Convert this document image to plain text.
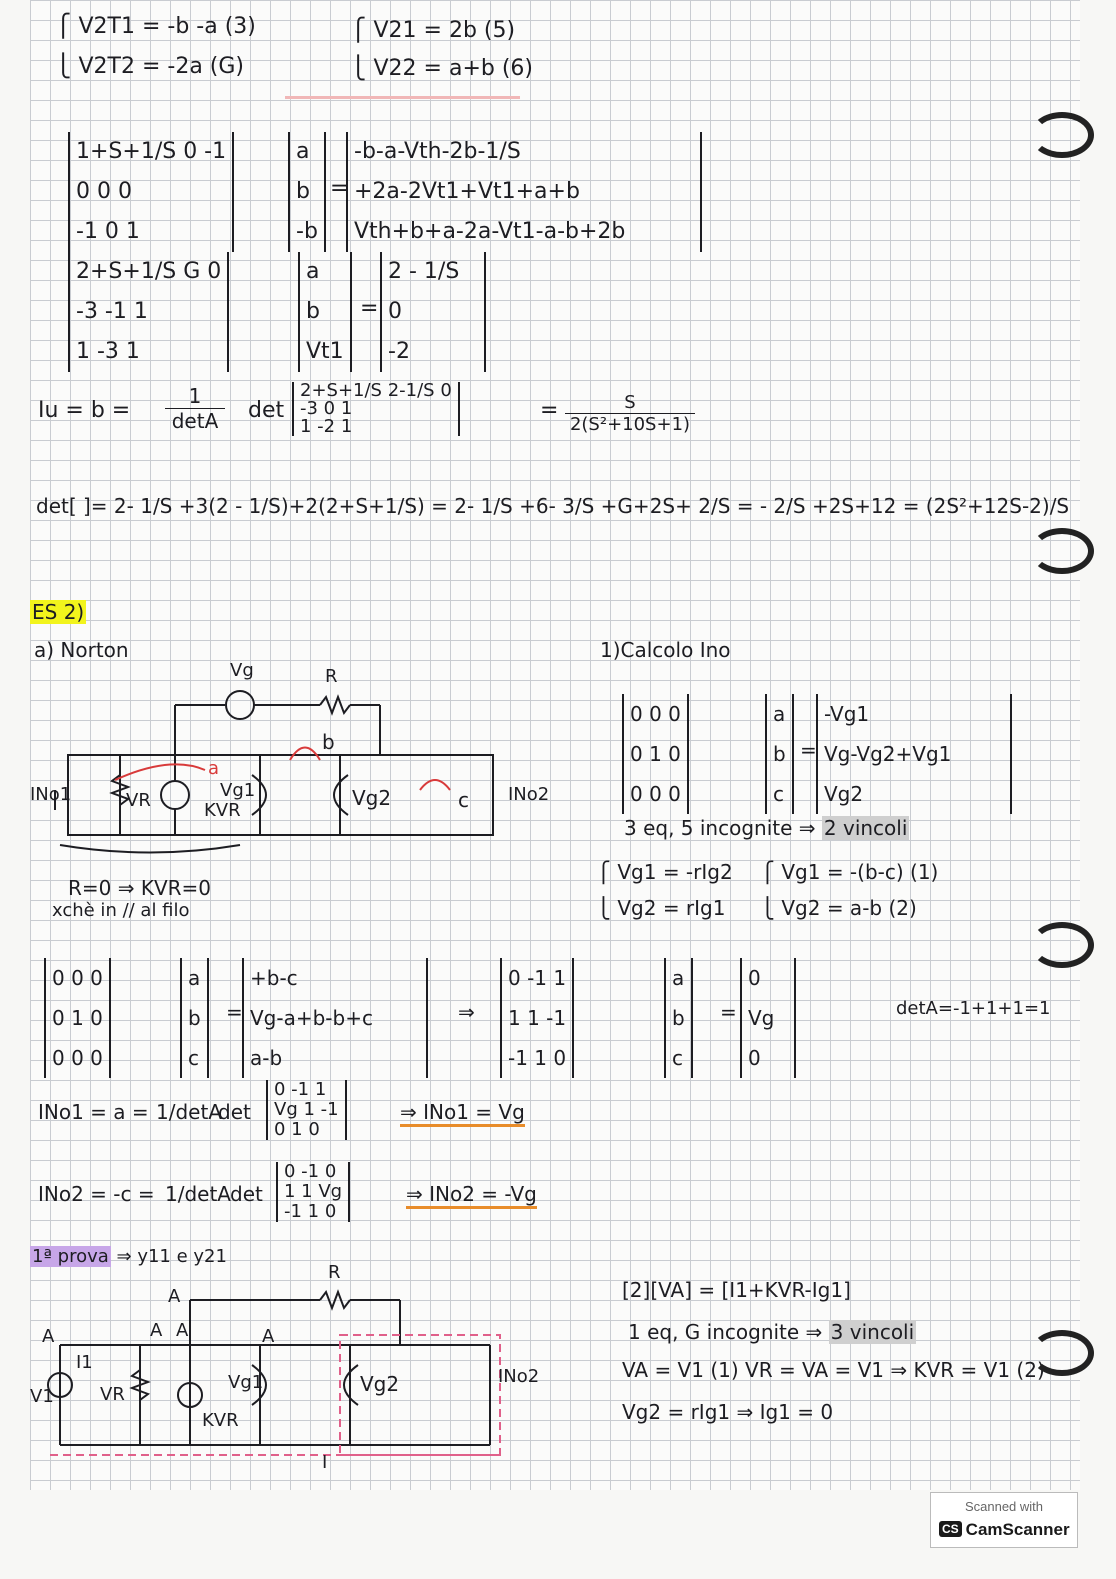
⎧ V2T1 = -b -a (3)
⎩ V2T2 = -2a (G)
⎧ V21 = 2b (5)
⎩ V22 = a+b (6)
1+S+1/S 0 -1
0 0 0
-1 0 1
a
b
-b
=
-b-a-Vth-2b-1/S
+2a-2Vt1+Vt1+a+b
Vth+b+a-2a-Vt1-a-b+2b
2+S+1/S G 0
-3 -1 1
1 -3 1
a
b
Vt1
=
2 - 1/S
0
-2
Iu = b =
1
detA	det
2+S+1/S 2-1/S 0
-3 0 1
1 -2 1
= $\frac{S}{\text{2(S²+10S+1)}}$
det[ ]= 2- 1/S +3(2 - 1/S)+2(2+S+1/S) = 2- 1/S +6- 3/S +G+2S+ 2/S = - 2/S +2S+12 = (2S²+12S-2)/S
ES 2)
a) Norton	1)Calcolo Ino
Vg	R
b
a
c
VR	KVR
Vg1	Vg2
INo1	INo2
R=0 ⇒ KVR=0
xchè in // al filo
0 0 0
0 1 0
0 0 0
a
b
c
=
-Vg1
Vg-Vg2+Vg1
Vg2
3 eq, 5 incognite ⇒ 2 vincoli
⎧ Vg1 = -rIg2
⎩ Vg2 = rIg1
⎧ Vg1 = -(b-c) (1)
⎩ Vg2 = a-b (2)
0 0 0
0 1 0
0 0 0
a
b
c
=
+b-c
Vg-a+b-b+c
a-b
⇒
0 -1 1
1 1 -1
-1 1 0
a
b
c
=
0
Vg
0
detA=-1+1+1=1
INo1 = a = 1/detA
det
0 -1 1
Vg 1 -1
0 1 0
⇒ INo1 = Vg
INo2 = -c = 1/detA det
0 -1 0
1 1 Vg
-1 1 0
⇒ INo2 = -Vg
1ª prova ⇒ y11 e y21
R
A
A	A A	A
I1
V1	VR
KVR
Vg1	Vg2	INo2
I
[2][VA] = [I1+KVR-Ig1]
1 eq, G incognite ⇒ 3 vincoli
VA = V1 (1) VR = VA = V1 ⇒ KVR = V1 (2)
Vg2 = rIg1 ⇒ Ig1 = 0
Scanned with
CS CamScanner
